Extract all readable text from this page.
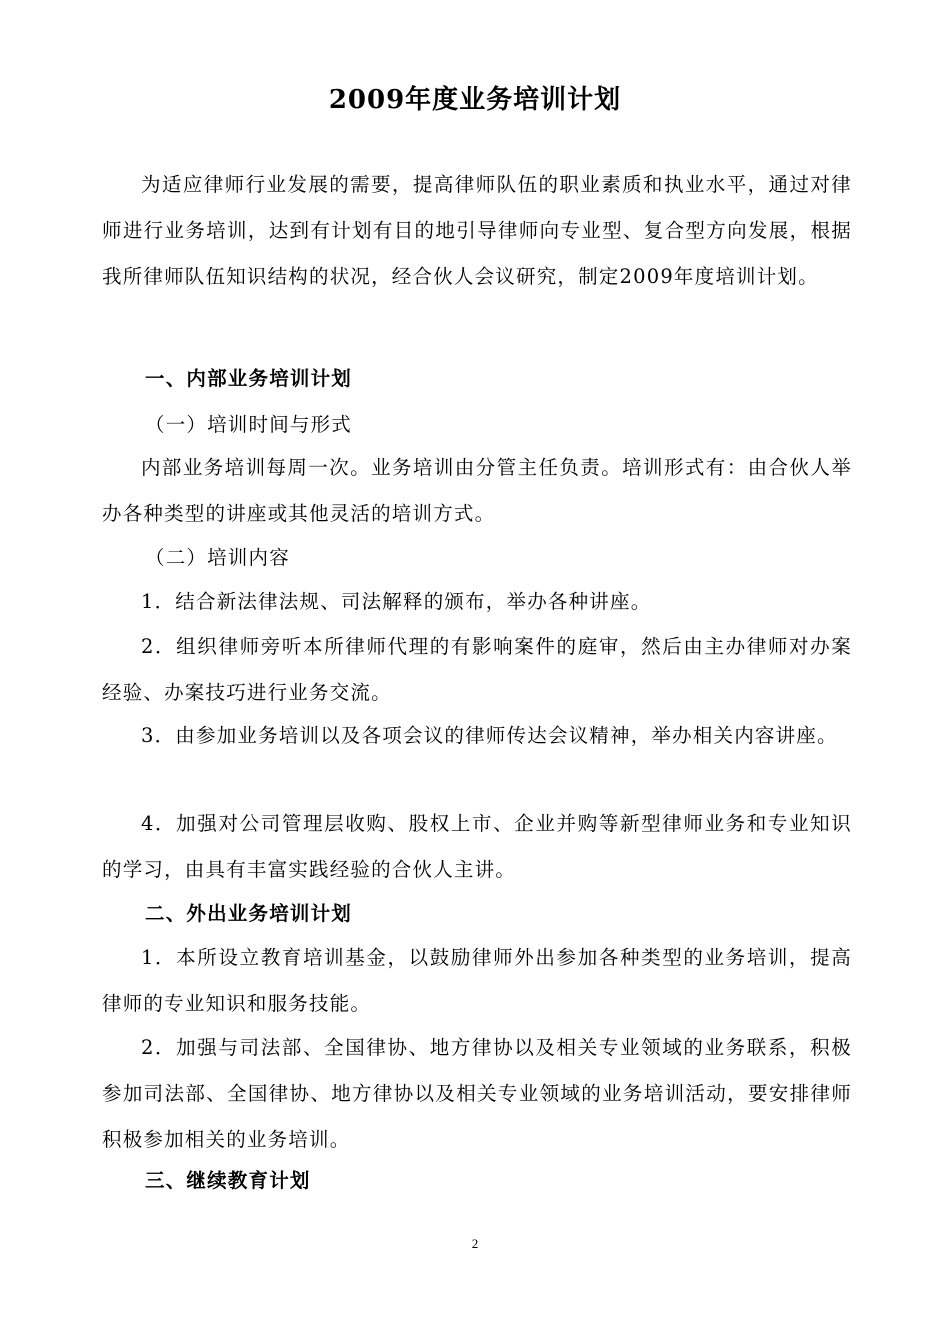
2009年度业务培训计划
为适应律师行业发展的需要，提高律师队伍的职业素质和执业水平，通过对律师进行业务培训，达到有计划有目的地引导律师向专业型、复合型方向发展，根据我所律师队伍知识结构的状况，经合伙人会议研究，制定2009年度培训计划。
一、内部业务培训计划
（一）培训时间与形式
内部业务培训每周一次。业务培训由分管主任负责。培训形式有：由合伙人举办各种类型的讲座或其他灵活的培训方式。
（二）培训内容
1．结合新法律法规、司法解释的颁布，举办各种讲座。
2．组织律师旁听本所律师代理的有影响案件的庭审，然后由主办律师对办案经验、办案技巧进行业务交流。
3．由参加业务培训以及各项会议的律师传达会议精神，举办相关内容讲座。
4．加强对公司管理层收购、股权上市、企业并购等新型律师业务和专业知识的学习，由具有丰富实践经验的合伙人主讲。
二、外出业务培训计划
1．本所设立教育培训基金，以鼓励律师外出参加各种类型的业务培训，提高律师的专业知识和服务技能。
2．加强与司法部、全国律协、地方律协以及相关专业领域的业务联系，积极参加司法部、全国律协、地方律协以及相关专业领域的业务培训活动，要安排律师积极参加相关的业务培训。
三、继续教育计划
2
